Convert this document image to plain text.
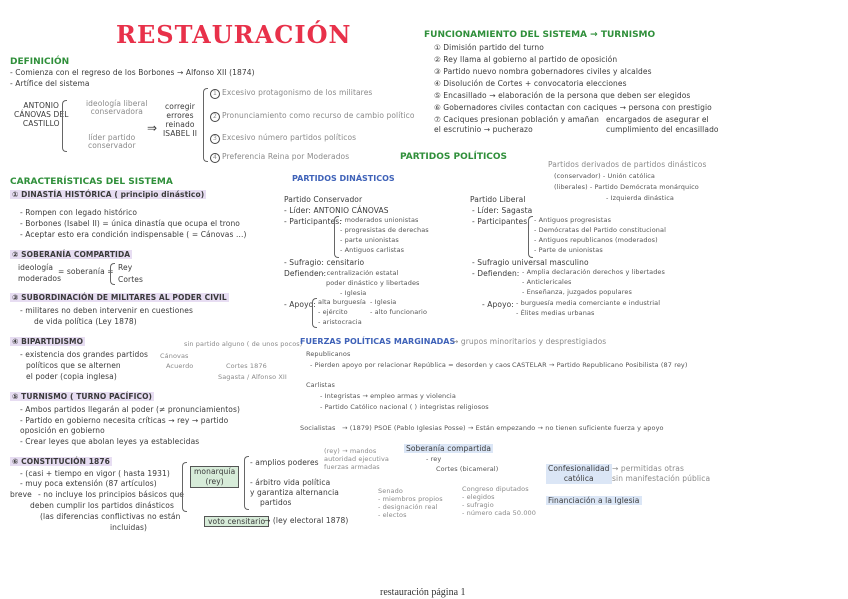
RESTAURACIÓN
DEFINICIÓN
- Comienza con el regreso de los Borbones → Alfonso XII (1874)
- Artífice del sistema
ANTONIO
CÁNOVAS DEL
CASTILLO
ideología liberal
conservadora
líder partido
conservador
⇒
corregir
errores
reinado
ISABEL II
1 Excesivo protagonismo de los militares
2 Pronunciamiento como recurso de cambio político
3 Excesivo número partidos políticos
4 Preferencia Reina por Moderados
FUNCIONAMIENTO DEL SISTEMA → TURNISMO
① Dimisión partido del turno
② Rey llama al gobierno al partido de oposición
③ Partido nuevo nombra gobernadores civiles y alcaldes
④ Disolución de Cortes + convocatoria elecciones
⑤ Encasillado → elaboración de la persona que deben ser elegidos
⑥ Gobernadores civiles contactan con caciques → persona con prestigio
⑦ Caciques presionan población y amañan el escrutinio → pucherazo
encargados de asegurar el
cumplimiento del encasillado
CARACTERÍSTICAS DEL SISTEMA
① DINASTÍA HISTÓRICA ( principio dinástico)
- Rompen con legado histórico
- Borbones (Isabel II) = única dinastía que ocupa el trono
- Aceptar esto era condición indispensable ( = Cánovas ...)
② SOBERANÍA COMPARTIDA
ideología
moderados
= soberanía = Rey
Cortes
③ SUBORDINACIÓN DE MILITARES AL PODER CIVIL
- militares no deben intervenir en cuestiones
de vida política (Ley 1878)
④ BIPARTIDISMO
- existencia dos grandes partidos
políticos que se alternen
el poder (copia inglesa)
sin partido alguno ( de unos pocos)
Cánovas
Acuerdo	Cortes 1876
Sagasta / Alfonso XII
⑤ TURNISMO ( TURNO PACÍFICO)
- Ambos partidos llegarán al poder (≠ pronunciamientos)
- Partido en gobierno necesita críticas → rey → partido oposición en gobierno
- Crear leyes que abolan leyes ya establecidas
⑥ CONSTITUCIÓN 1876
- (casi + tiempo en vigor ( hasta 1931)
- muy poca extensión (87 artículos)
breve - no incluye los principios básicos que
deben cumplir los partidos dinásticos
(las diferencias conflictivas no están
incluidas)
monarquía
(rey)
- amplios poderes
- árbitro vida política
y garantiza alternancia
partidos
voto censitario
→ (ley electoral 1878)
PARTIDOS POLÍTICOS
PARTIDOS DINÁSTICOS
Partido Conservador
- Líder: ANTONIO CÁNOVAS
- Participantes:
- moderados unionistas
- progresistas de derechas
- parte unionistas
- Antiguos carlistas
- Sufragio: censitario
Defienden:
- centralización estatal
poder dinástico y libertades
- Iglesia
- Apoyo: alta burguesía
- ejército
- aristocracia
- Iglesia
- alto funcionario
Partido Liberal
- Líder: Sagasta
- Participantes: - Antiguos progresistas
- Demócratas del Partido constitucional
- Antiguos republicanos (moderados)
- Parte de unionistas
- Sufragio universal masculino
- Defienden: - Amplia declaración derechos y libertades
- Anticlericales
- Enseñanza, juzgados populares
- Apoyo: - burguesía media comerciante e industrial
- Élites medias urbanas
Partidos derivados de partidos dinásticos
(conservador) - Unión católica
(liberales) - Partido Demócrata monárquico
- Izquierda dinástica
FUERZAS POLÍTICAS MARGINADAS
→ grupos minoritarios y desprestigiados
Republicanos
- Pierden apoyo por relacionar República = desorden y caos CASTELAR → Partido Republicano Posibilista (87 rey)
Carlistas
- Integristas → empleo armas y violencia
- Partido Católico nacional ( ) integristas religiosos
Socialistas → (1879) PSOE (Pablo Iglesias Posse) → Están empezando → no tienen suficiente fuerza y apoyo
(rey) → mandos
autoridad ejecutiva
fuerzas armadas
Soberanía compartida
- rey
Cortes (bicameral)
Senado
- miembros propios
- designación real
- electos
Congreso diputados
- elegidos
- sufragio
- número cada 50.000
Confesionalidad
católica
→ permitidas otras
sin manifestación pública
Financiación a la Iglesia
restauración página 1
